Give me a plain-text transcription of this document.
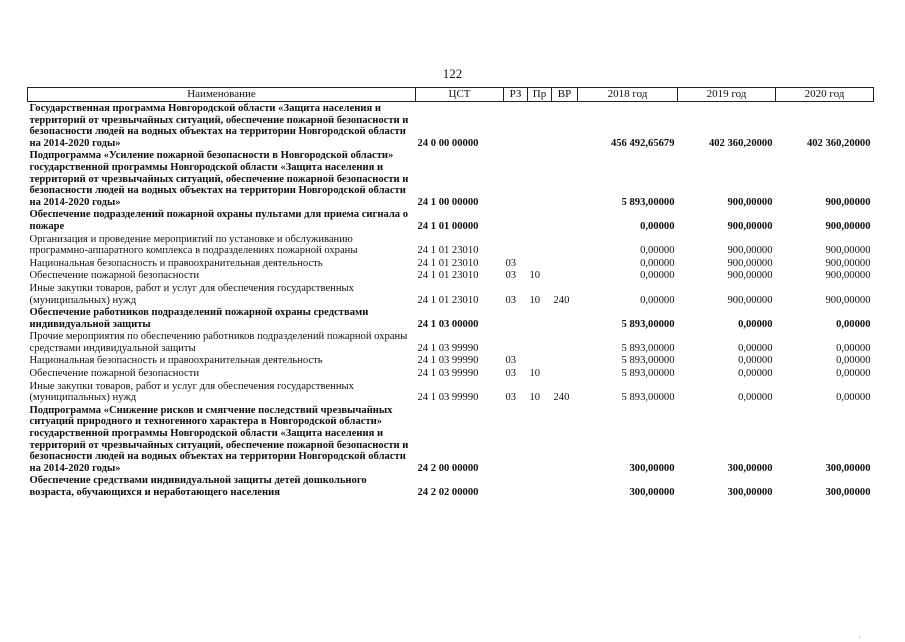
122
Наименование	ЦСТ	РЗ	Пр	ВР	2018 год	2019 год	2020 год
Государственная программа Новгородской области «Защита населения и территорий от чрезвычайных ситуаций, обеспечение пожарной безопасности и безопасности людей на водных объектах на территории Новгородской области на 2014-2020 годы»	24 0 00 00000				456 492,65679	402 360,20000	402 360,20000
Подпрограмма «Усиление пожарной безопасности в Новгородской области» государственной программы Новгородской области «Защита населения и территорий от чрезвычайных ситуаций, обеспечение пожарной безопасности и безопасности людей на водных объектах на территории Новгородской области на 2014-2020 годы»	24 1 00 00000				5 893,00000	900,00000	900,00000
Обеспечение подразделений пожарной охраны пультами для приема сигнала о пожаре	24 1 01 00000				0,00000	900,00000	900,00000
Организация и проведение мероприятий по установке и обслуживанию программно-аппаратного комплекса в подразделениях пожарной охраны	24 1 01 23010				0,00000	900,00000	900,00000
Национальная безопасность и правоохранительная деятельность	24 1 01 23010	03			0,00000	900,00000	900,00000
Обеспечение пожарной безопасности	24 1 01 23010	03	10		0,00000	900,00000	900,00000
Иные закупки товаров, работ и услуг для обеспечения государственных (муниципальных) нужд	24 1 01 23010	03	10	240	0,00000	900,00000	900,00000
Обеспечение работников подразделений пожарной охраны средствами индивидуальной защиты	24 1 03 00000				5 893,00000	0,00000	0,00000
Прочие мероприятия по обеспечению работников подразделений пожарной охраны средствами индивидуальной защиты	24 1 03 99990				5 893,00000	0,00000	0,00000
Национальная безопасность и правоохранительная деятельность	24 1 03 99990	03			5 893,00000	0,00000	0,00000
Обеспечение пожарной безопасности	24 1 03 99990	03	10		5 893,00000	0,00000	0,00000
Иные закупки товаров, работ и услуг для обеспечения государственных (муниципальных) нужд	24 1 03 99990	03	10	240	5 893,00000	0,00000	0,00000
Подпрограмма «Снижение рисков и смягчение последствий чрезвычайных ситуаций природного и техногенного характера в Новгородской области» государственной программы Новгородской области «Защита населения и территорий от чрезвычайных ситуаций, обеспечение пожарной безопасности и безопасности людей на водных объектах на территории Новгородской области на 2014-2020 годы»	24 2 00 00000				300,00000	300,00000	300,00000
Обеспечение средствами индивидуальной защиты детей дошкольного возраста, обучающихся и неработающего населения	24 2 02 00000				300,00000	300,00000	300,00000
·
